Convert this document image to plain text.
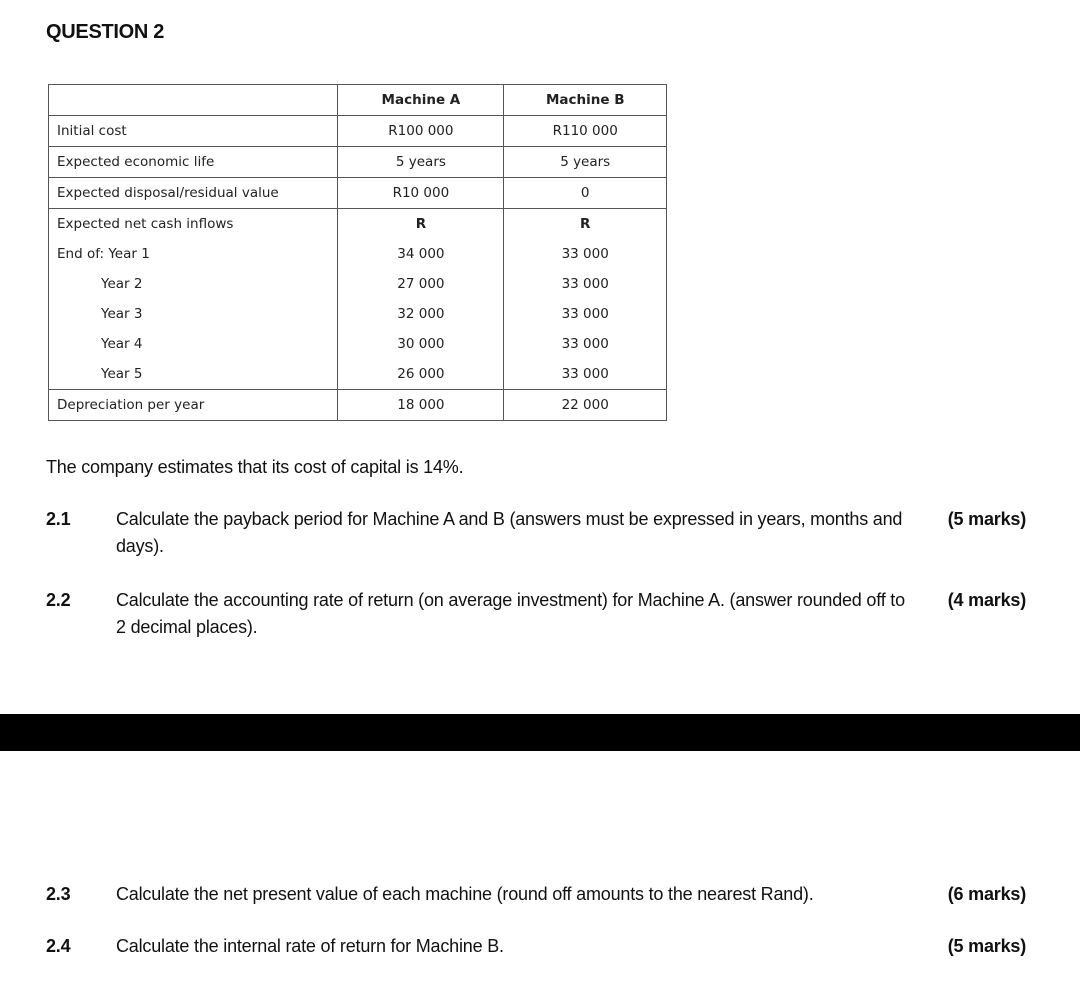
QUESTION 2
	Machine A	Machine B
Initial cost	R100 000	R110 000
Expected economic life	5 years	5 years
Expected disposal/residual value	R10 000	0
Expected net cash inflows	R	R
End of: Year 1	34 000	33 000
Year 2	27 000	33 000
Year 3	32 000	33 000
Year 4	30 000	33 000
Year 5	26 000	33 000
Depreciation per year	18 000	22 000
The company estimates that its cost of capital is 14%.
2.1	Calculate the payback period for Machine A and B (answers must be expressed in years, months and days).
(5 marks)
2.2	Calculate the accounting rate of return (on average investment) for Machine A. (answer rounded off to 2 decimal places).
(4 marks)
2.3	Calculate the net present value of each machine (round off amounts to the nearest Rand).	(6 marks)
2.4	Calculate the internal rate of return for Machine B.	(5 marks)
